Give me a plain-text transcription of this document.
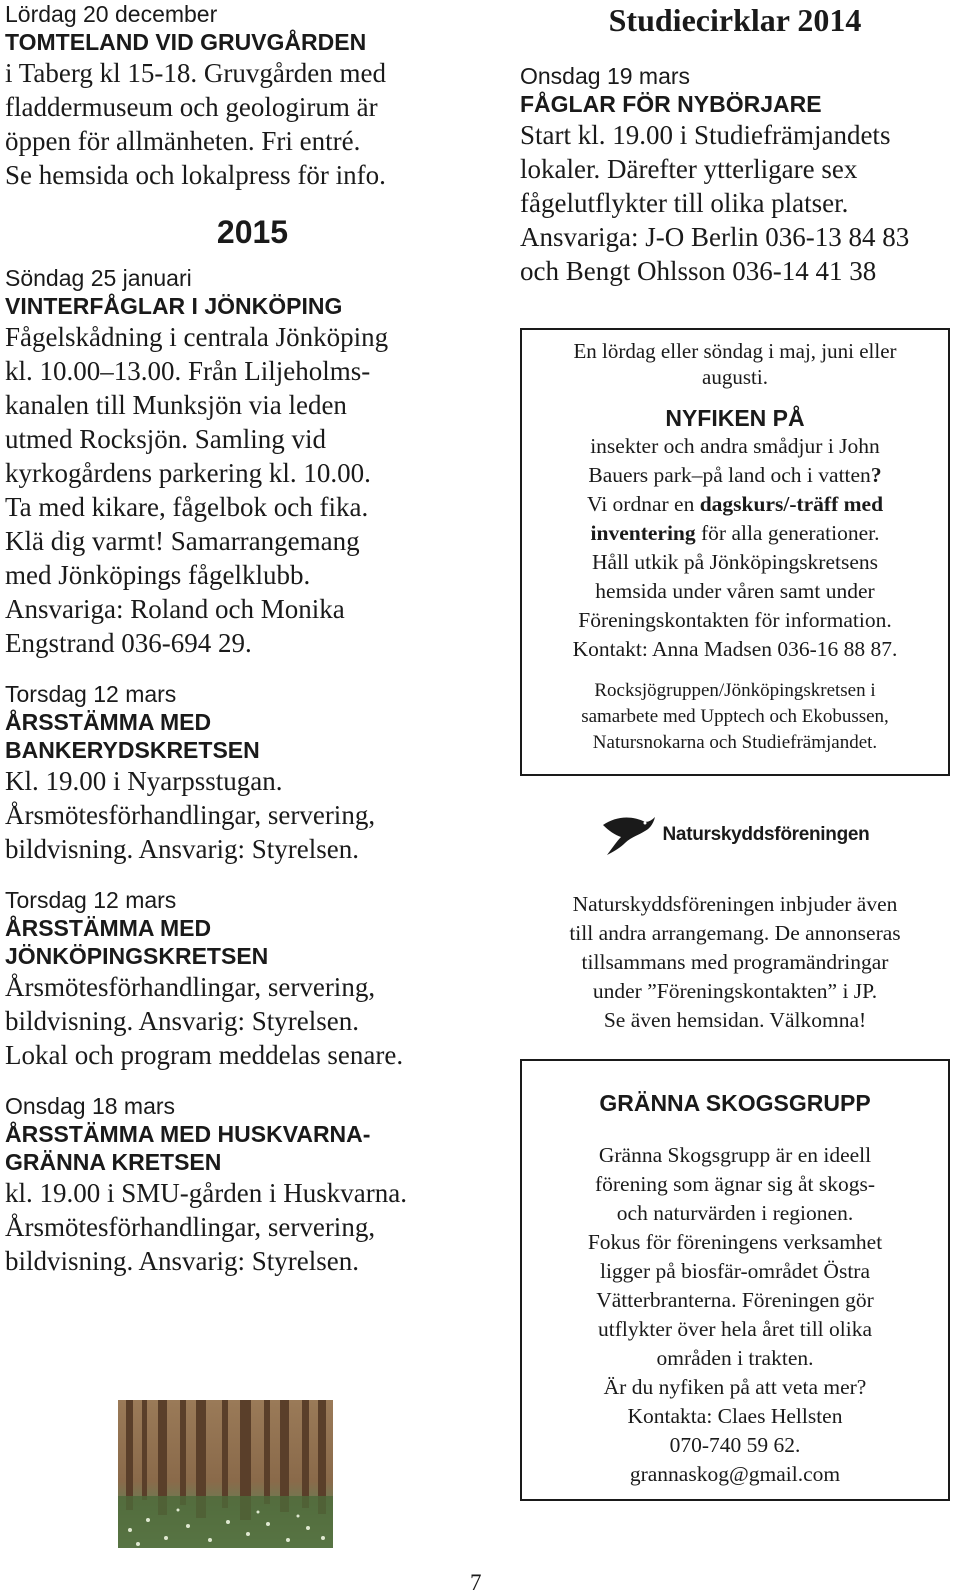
Lördag 20 december
TOMTELAND VID GRUVGÅRDEN
i Taberg kl 15-18. Gruvgården med
fladdermuseum och geologirum är
öppen för allmänheten. Fri entré.
Se hemsida och lokalpress för info.
2015
Söndag 25 januari
VINTERFÅGLAR I JÖNKÖPING
Fågelskådning i centrala Jönköping
kl. 10.00–13.00. Från Liljeholms-
kanalen till Munksjön via leden
utmed Rocksjön. Samling vid
kyrkogårdens parkering kl. 10.00.
Ta med kikare, fågelbok och fika.
Klä dig varmt! Samarrangemang
med Jönköpings fågelklubb.
Ansvariga: Roland och Monika
Engstrand 036-694 29.
Torsdag 12 mars
ÅRSSTÄMMA MED
BANKERYDSKRETSEN
Kl. 19.00 i Nyarpsstugan.
Årsmötesförhandlingar, servering,
bildvisning. Ansvarig: Styrelsen.
Torsdag 12 mars
ÅRSSTÄMMA MED
JÖNKÖPINGSKRETSEN
Årsmötesförhandlingar, servering,
bildvisning. Ansvarig: Styrelsen.
Lokal och program meddelas senare.
Onsdag 18 mars
ÅRSSTÄMMA MED HUSKVARNA-
GRÄNNA KRETSEN
kl. 19.00 i SMU-gården i Huskvarna.
Årsmötesförhandlingar, servering,
bildvisning. Ansvarig: Styrelsen.
Studiecirklar 2014
Onsdag 19 mars
FÅGLAR FÖR NYBÖRJARE
Start kl. 19.00 i Studiefrämjandets
lokaler. Därefter ytterligare sex
fågelutflykter till olika platser.
Ansvariga: J-O Berlin 036-13 84 83
och Bengt Ohlsson 036-14 41 38
En lördag eller söndag i maj, juni eller
augusti.
NYFIKEN PÅ
insekter och andra smådjur i John
Bauers park–på land och i vatten?
Vi ordnar en dagskurs/-träff med
inventering för alla generationer.
Håll utkik på Jönköpingskretsens
hemsida under våren samt under
Föreningskontakten för information.
Kontakt: Anna Madsen 036-16 88 87.
Rocksjögruppen/Jönköpingskretsen i
samarbete med Upptech och Ekobussen,
Natursnokarna och Studiefrämjandet.
Naturskyddsföreningen
Naturskyddsföreningen inbjuder även
till andra arrangemang. De annonseras
tillsammans med programändringar
under ”Föreningskontakten” i JP.
Se även hemsidan. Välkomna!
GRÄNNA SKOGSGRUPP
Gränna Skogsgrupp är en ideell
förening som ägnar sig åt skogs-
och naturvärden i regionen.
Fokus för föreningens verksamhet
ligger på biosfär-området Östra
Vätterbranterna. Föreningen gör
utflykter över hela året till olika
områden i trakten.
Är du nyfiken på att veta mer?
Kontakta: Claes Hellsten
070-740 59 62.
grannaskog@gmail.com
7
